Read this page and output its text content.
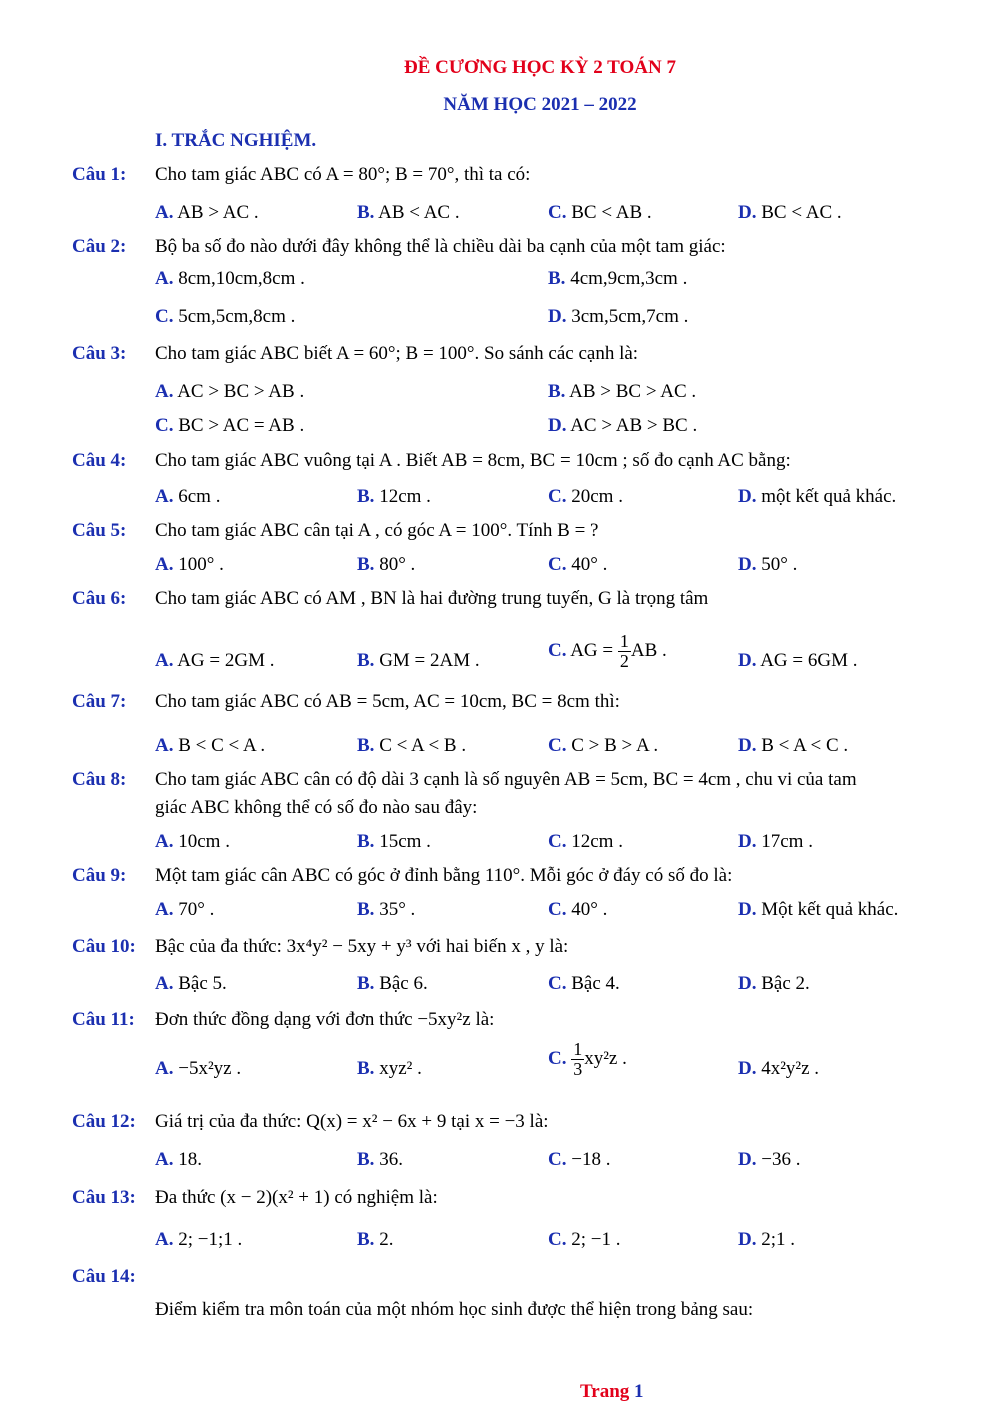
ĐỀ CƯƠNG HỌC KỲ 2 TOÁN 7
NĂM HỌC 2021 – 2022
I. TRẮC NGHIỆM.
Câu 1: Cho tam giác ABC có A = 80°; B = 70°, thì ta có:
A. AB > AC .	B. AB < AC .	C. BC < AB .	D. BC < AC .
Câu 2: Bộ ba số đo nào dưới đây không thể là chiều dài ba cạnh của một tam giác:
A. 8cm,10cm,8cm .	B. 4cm,9cm,3cm .
C. 5cm,5cm,8cm .	D. 3cm,5cm,7cm .
Câu 3: Cho tam giác ABC biết A = 60°; B = 100°. So sánh các cạnh là:
A. AC > BC > AB .	B. AB > BC > AC .
C. BC > AC = AB .	D. AC > AB > BC .
Câu 4: Cho tam giác ABC vuông tại A . Biết AB = 8cm, BC = 10cm ; số đo cạnh AC bằng:
A. 6cm .	B. 12cm .	C. 20cm .	D. một kết quả khác.
Câu 5: Cho tam giác ABC cân tại A , có góc A = 100°. Tính B = ?
A. 100° .	B. 80° .	C. 40° .	D. 50° .
Câu 6: Cho tam giác ABC có AM , BN là hai đường trung tuyến, G là trọng tâm
A. AG = 2GM .	B. GM = 2AM .	C. AG = $\frac{1}{2}$ AB .	D. AG = 6GM .
Câu 7: Cho tam giác ABC có AB = 5cm, AC = 10cm, BC = 8cm thì:
A. B < C < A .	B. C < A < B .	C. C > B > A .	D. B < A < C .
Câu 8: Cho tam giác ABC cân có độ dài 3 cạnh là số nguyên AB = 5cm, BC = 4cm , chu vi của tam
giác ABC không thể có số đo nào sau đây:
A. 10cm .	B. 15cm .	C. 12cm .	D. 17cm .
Câu 9: Một tam giác cân ABC có góc ở đỉnh bằng 110°. Mỗi góc ở đáy có số đo là:
A. 70° .	B. 35° .	C. 40° .	D. Một kết quả khác.
Câu 10: Bậc của đa thức: 3x⁴y² − 5xy + y³ với hai biến x , y là:
A. Bậc 5.	B. Bậc 6.	C. Bậc 4.	D. Bậc 2.
Câu 11: Đơn thức đồng dạng với đơn thức −5xy²z là:
A. −5x²yz .	B. xyz² .	C. $\frac{1}{3} xy^2z$ .	D. 4x²y²z .
Câu 12: Giá trị của đa thức: Q(x) = x² − 6x + 9 tại x = −3 là:
A. 18.	B. 36.	C. −18 .	D. −36 .
Câu 13: Đa thức (x − 2)(x² + 1) có nghiệm là:
A. 2; −1;1 .	B. 2.	C. 2; −1 .	D. 2;1 .
Câu 14:
Điểm kiểm tra môn toán của một nhóm học sinh được thể hiện trong bảng sau:
Trang 1
